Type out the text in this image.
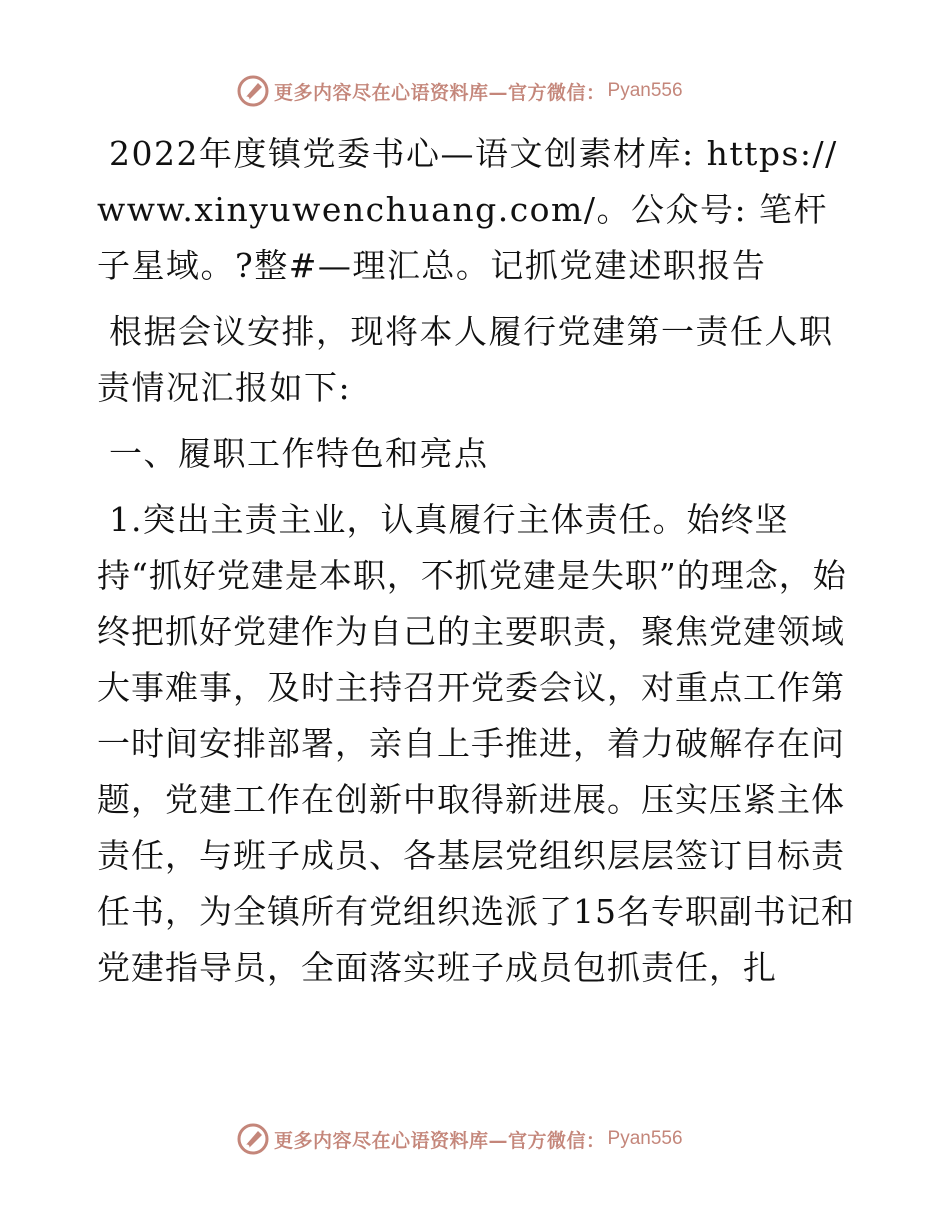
更多内容尽在心语资料库—官方微信： Pyan556

2022年度镇党委书心—语文创素材库: https://www.xinyuwenchuang.com/。公众号: 笔杆子星域。?整#—理汇总。记抓党建述职报告

根据会议安排，现将本人履行党建第一责任人职责情况汇报如下:

一、履职工作特色和亮点

1.突出主责主业，认真履行主体责任。始终坚持“抓好党建是本职，不抓党建是失职”的理念，始终把抓好党建作为自己的主要职责，聚焦党建领域大事难事，及时主持召开党委会议，对重点工作第一时间安排部署，亲自上手推进，着力破解存在问题，党建工作在创新中取得新进展。压实压紧主体责任，与班子成员、各基层党组织层层签订目标责任书，为全镇所有党组织选派了15名专职副书记和党建指导员，全面落实班子成员包抓责任，扎

更多内容尽在心语资料库—官方微信： Pyan556
